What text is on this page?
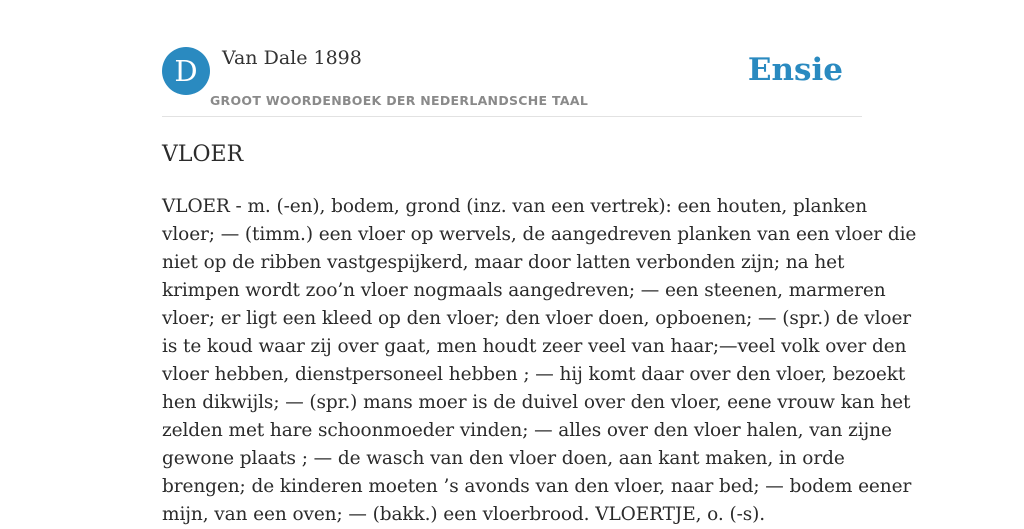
D	Van Dale 1898
GROOT WOORDENBOEK DER NEDERLANDSCHE TAAL
Ensie
VLOER
VLOER - m. (-en), bodem, grond (inz. van een vertrek): een houten, planken
vloer; — (timm.) een vloer op wervels, de aangedreven planken van een vloer die
niet op de ribben vastgespijkerd, maar door latten verbonden zijn; na het
krimpen wordt zoo’n vloer nogmaals aangedreven; — een steenen, marmeren
vloer; er ligt een kleed op den vloer; den vloer doen, opboenen; — (spr.) de vloer
is te koud waar zij over gaat, men houdt zeer veel van haar;—veel volk over den
vloer hebben, dienstpersoneel hebben ; — hij komt daar over den vloer, bezoekt
hen dikwijls; — (spr.) mans moer is de duivel over den vloer, eene vrouw kan het
zelden met hare schoonmoeder vinden; — alles over den vloer halen, van zijne
gewone plaats ; — de wasch van den vloer doen, aan kant maken, in orde
brengen; de kinderen moeten ’s avonds van den vloer, naar bed; — bodem eener
mijn, van een oven; — (bakk.) een vloerbrood. VLOERTJE, o. (-s).
